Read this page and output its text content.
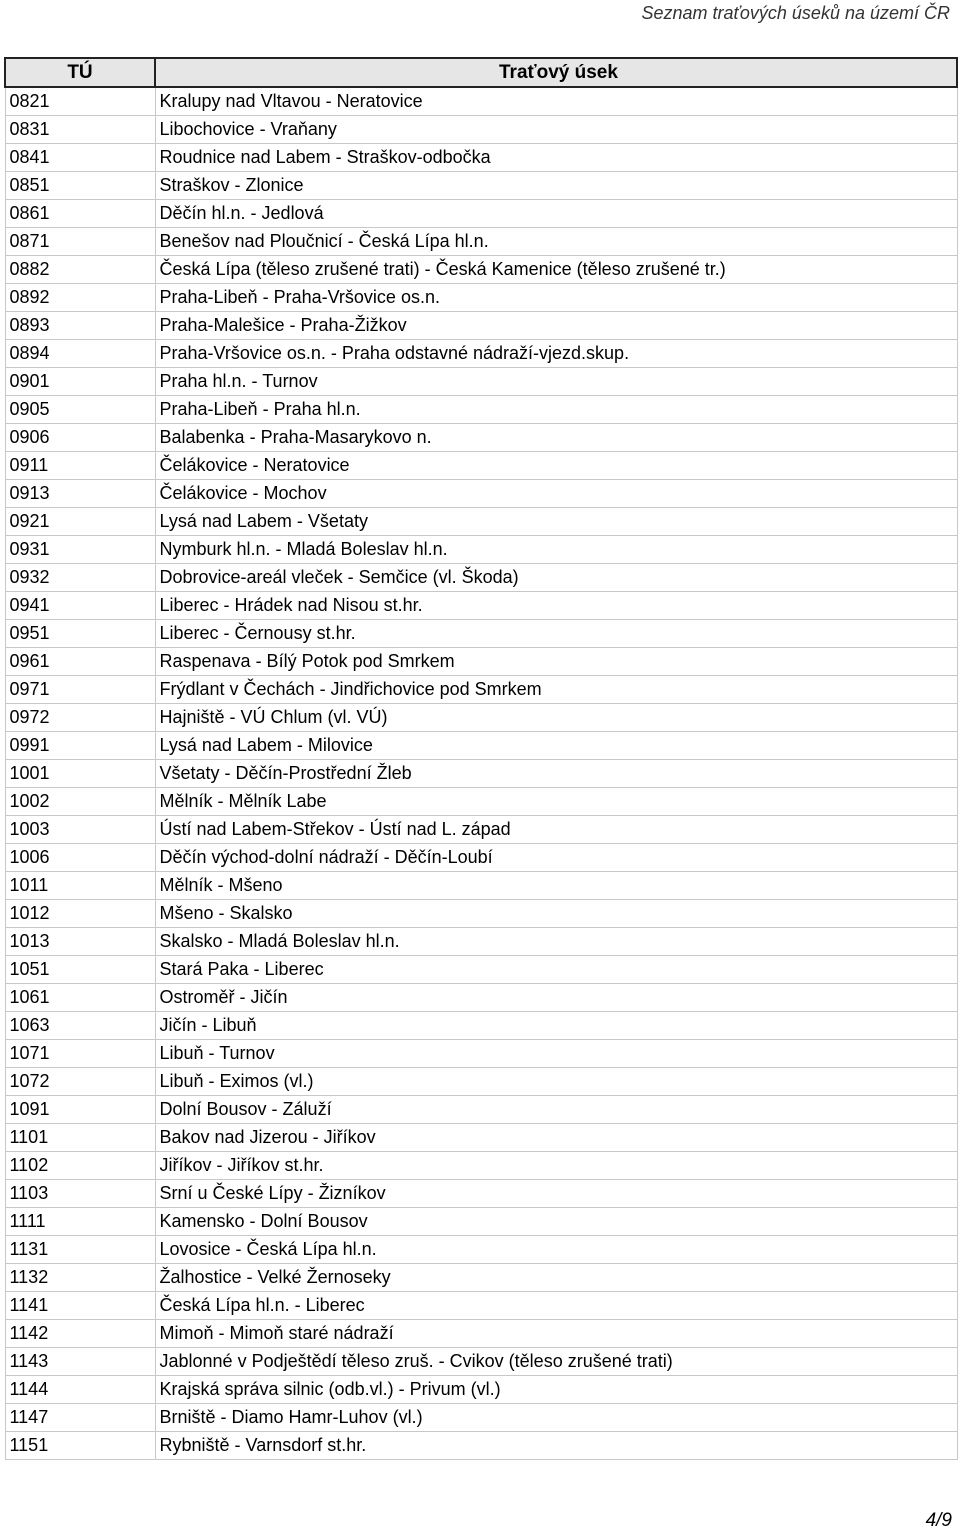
Seznam traťových úseků na území ČR
TÚ	Traťový úsek
0821	Kralupy nad Vltavou - Neratovice
0831	Libochovice - Vraňany
0841	Roudnice nad Labem - Straškov-odbočka
0851	Straškov - Zlonice
0861	Děčín hl.n. - Jedlová
0871	Benešov nad Ploučnicí - Česká Lípa hl.n.
0882	Česká Lípa (těleso zrušené trati) - Česká Kamenice (těleso zrušené tr.)
0892	Praha-Libeň - Praha-Vršovice os.n.
0893	Praha-Malešice - Praha-Žižkov
0894	Praha-Vršovice os.n. - Praha odstavné nádraží-vjezd.skup.
0901	Praha hl.n. - Turnov
0905	Praha-Libeň - Praha hl.n.
0906	Balabenka - Praha-Masarykovo n.
0911	Čelákovice - Neratovice
0913	Čelákovice - Mochov
0921	Lysá nad Labem - Všetaty
0931	Nymburk hl.n. - Mladá Boleslav hl.n.
0932	Dobrovice-areál vleček - Semčice (vl. Škoda)
0941	Liberec - Hrádek nad Nisou st.hr.
0951	Liberec - Černousy st.hr.
0961	Raspenava - Bílý Potok pod Smrkem
0971	Frýdlant v Čechách - Jindřichovice pod Smrkem
0972	Hajniště - VÚ Chlum (vl. VÚ)
0991	Lysá nad Labem - Milovice
1001	Všetaty - Děčín-Prostřední Žleb
1002	Mělník - Mělník Labe
1003	Ústí nad Labem-Střekov - Ústí nad L. západ
1006	Děčín východ-dolní nádraží - Děčín-Loubí
1011	Mělník - Mšeno
1012	Mšeno - Skalsko
1013	Skalsko - Mladá Boleslav hl.n.
1051	Stará Paka - Liberec
1061	Ostroměř - Jičín
1063	Jičín - Libuň
1071	Libuň - Turnov
1072	Libuň - Eximos (vl.)
1091	Dolní Bousov - Záluží
1101	Bakov nad Jizerou - Jiříkov
1102	Jiříkov - Jiříkov st.hr.
1103	Srní u České Lípy - Žizníkov
1111	Kamensko - Dolní Bousov
1131	Lovosice - Česká Lípa hl.n.
1132	Žalhostice - Velké Žernoseky
1141	Česká Lípa hl.n. - Liberec
1142	Mimoň - Mimoň staré nádraží
1143	Jablonné v Podještědí těleso zruš. - Cvikov (těleso zrušené trati)
1144	Krajská správa silnic (odb.vl.) - Privum (vl.)
1147	Brniště - Diamo Hamr-Luhov (vl.)
1151	Rybniště - Varnsdorf st.hr.
4/9
